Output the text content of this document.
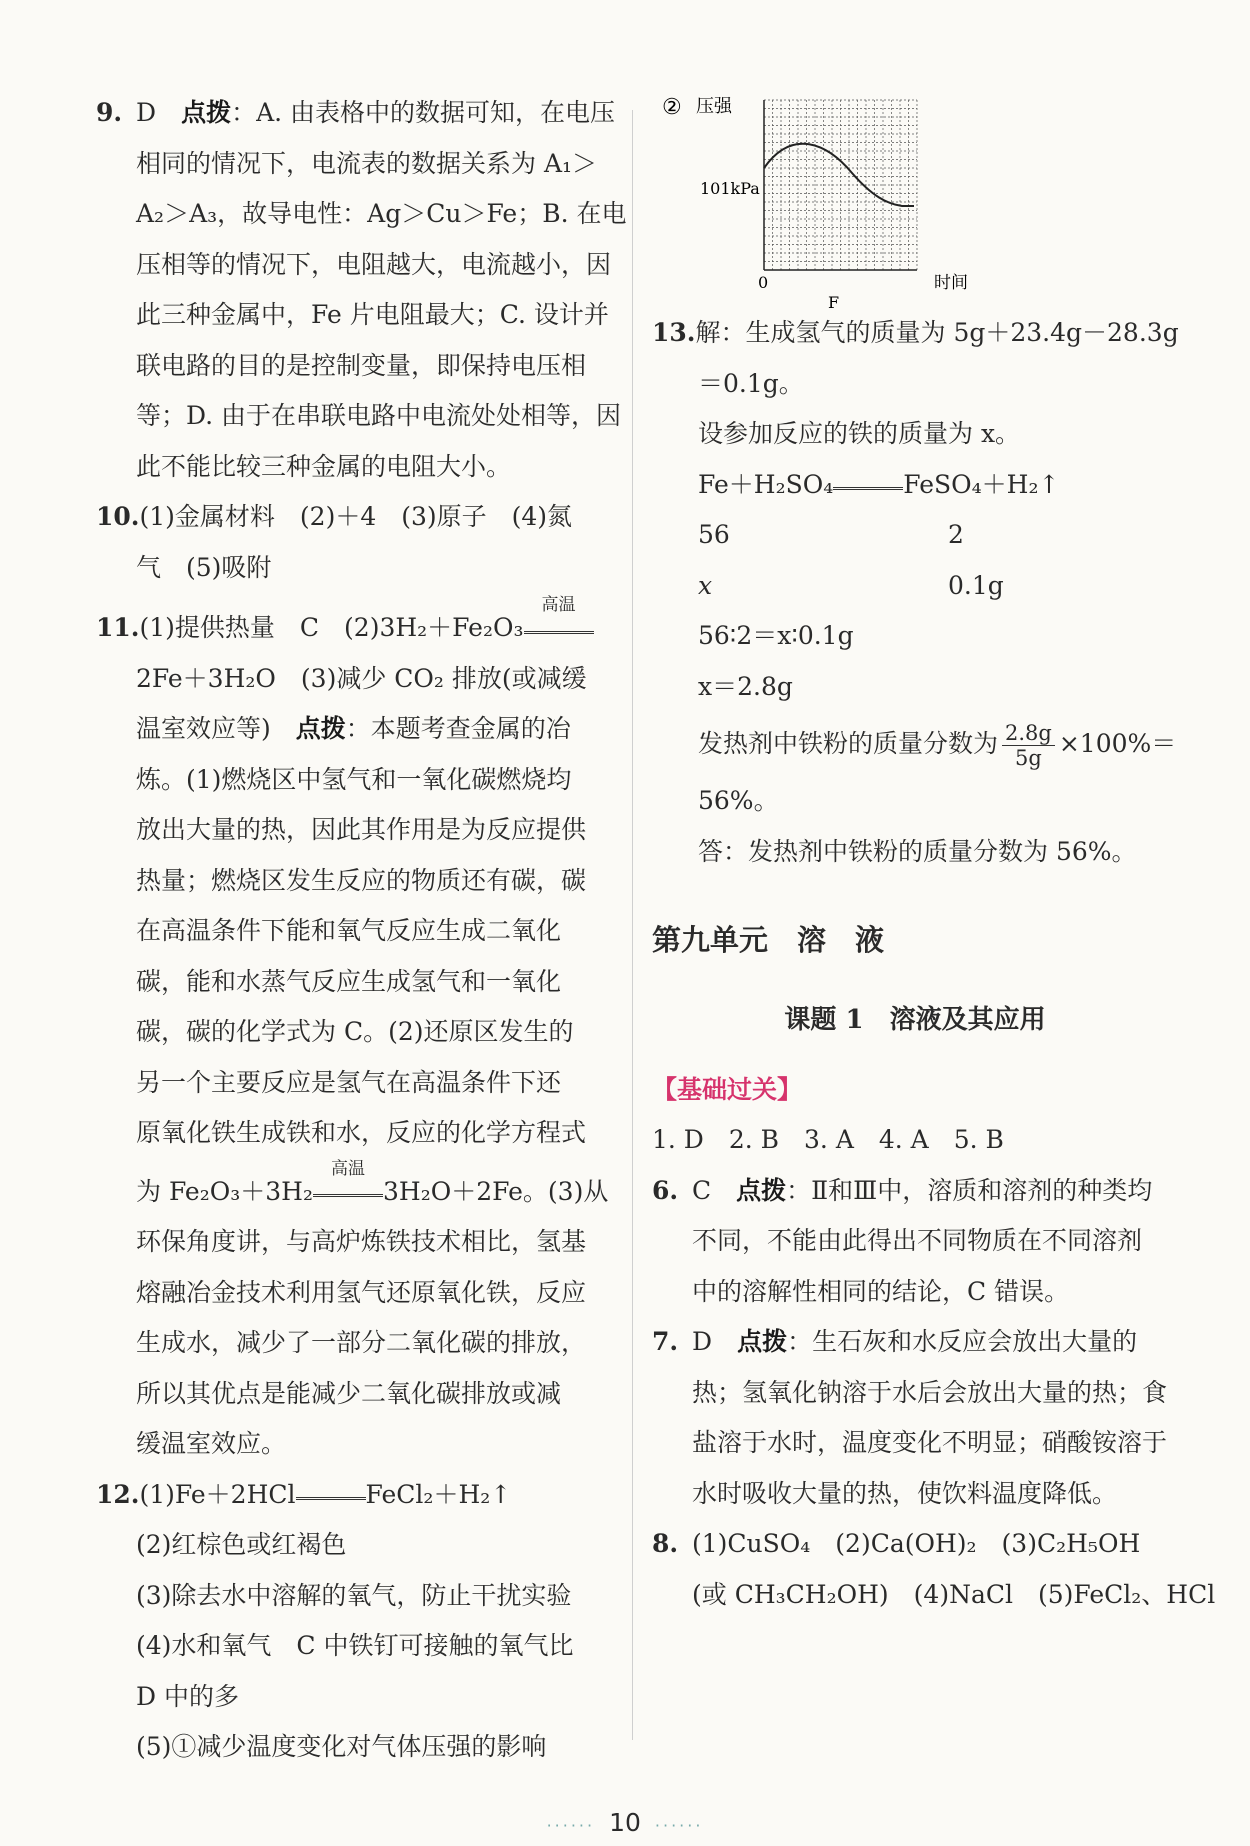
9. D　 点拨：A. 由表格中的数据可知，在电压
相同的情况下，电流表的数据关系为 A₁＞
A₂＞A₃，故导电性：Ag＞Cu＞Fe；B. 在电
压相等的情况下，电阻越大，电流越小，因
此三种金属中，Fe 片电阻最大；C. 设计并
联电路的目的是控制变量，即保持电压相
等；D. 由于在串联电路中电流处处相等，因
此不能比较三种金属的电阻大小。
10.(1)金属材料　(2)＋4　(3)原子　(4)氮
气　(5)吸附
11.(1)提供热量　C　(2)3H₂＋Fe₂O₃
高温
2Fe＋3H₂O　(3)减少 CO₂ 排放(或减缓
温室效应等)　点拨：本题考查金属的冶
炼。(1)燃烧区中氢气和一氧化碳燃烧均
放出大量的热，因此其作用是为反应提供
热量；燃烧区发生反应的物质还有碳，碳
在高温条件下能和氧气反应生成二氧化
碳，能和水蒸气反应生成氢气和一氧化
碳，碳的化学式为 C。(2)还原区发生的
另一个主要反应是氢气在高温条件下还
原氧化铁生成铁和水，反应的化学方程式
为 Fe₂O₃＋3H₂
高温
3H₂O＋2Fe。(3)从
环保角度讲，与高炉炼铁技术相比，氢基
熔融冶金技术利用氢气还原氧化铁，反应
生成水，减少了一部分二氧化碳的排放，
所以其优点是能减少二氧化碳排放或减
缓温室效应。
12.(1)Fe＋2HCl	FeCl₂＋H₂↑
(2)红棕色或红褐色
(3)除去水中溶解的氧气，防止干扰实验
(4)水和氧气　C 中铁钉可接触的氧气比
D 中的多
(5)①减少温度变化对气体压强的影响
② 压强
101kPa
0	时间
F
13.解：生成氢气的质量为 5g＋23.4g－28.3g
＝0.1g。
设参加反应的铁的质量为 x。
Fe＋H₂SO₄	FeSO₄＋H₂↑
56	2
x	0.1g
56∶2＝x∶0.1g
x＝2.8g
发热剂中铁粉的质量分数为 $\frac{2.8g}{5g} \times 100\%=$
56%。
答：发热剂中铁粉的质量分数为 56%。
第九单元　溶　液
课题 1　溶液及其应用
【基础过关】
1. D　2. B　3. A　4. A　5. B
6. C　 点拨：Ⅱ和Ⅲ中，溶质和溶剂的种类均
不同，不能由此得出不同物质在不同溶剂
中的溶解性相同的结论，C 错误。
7. D　 点拨：生石灰和水反应会放出大量的
热；氢氧化钠溶于水后会放出大量的热；食
盐溶于水时，温度变化不明显；硝酸铵溶于
水时吸收大量的热，使饮料温度降低。
8. (1)CuSO₄　(2)Ca(OH)₂　(3)C₂H₅OH
(或 CH₃CH₂OH)　(4)NaCl　(5)FeCl₂、HCl
······ 10 ······
